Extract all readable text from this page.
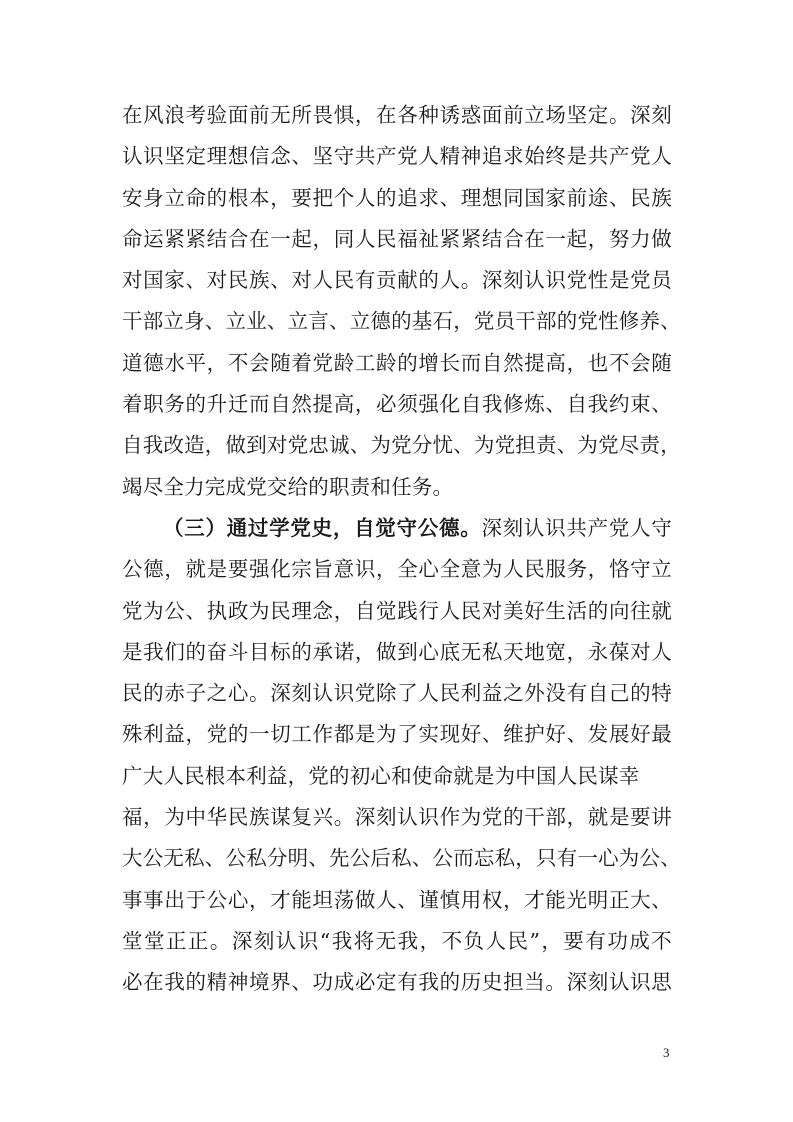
在风浪考验面前无所畏惧，在各种诱惑面前立场坚定。深刻
认识坚定理想信念、坚守共产党人精神追求始终是共产党人
安身立命的根本，要把个人的追求、理想同国家前途、民族
命运紧紧结合在一起，同人民福祉紧紧结合在一起，努力做
对国家、对民族、对人民有贡献的人。深刻认识党性是党员
干部立身、立业、立言、立德的基石，党员干部的党性修养、
道德水平，不会随着党龄工龄的增长而自然提高，也不会随
着职务的升迁而自然提高，必须强化自我修炼、自我约束、
自我改造，做到对党忠诚、为党分忧、为党担责、为党尽责，
竭尽全力完成党交给的职责和任务。
（三）通过学党史，自觉守公德。深刻认识共产党人守
公德，就是要强化宗旨意识，全心全意为人民服务，恪守立
党为公、执政为民理念，自觉践行人民对美好生活的向往就
是我们的奋斗目标的承诺，做到心底无私天地宽，永葆对人
民的赤子之心。深刻认识党除了人民利益之外没有自己的特
殊利益，党的一切工作都是为了实现好、维护好、发展好最
广大人民根本利益，党的初心和使命就是为中国人民谋幸
福，为中华民族谋复兴。深刻认识作为党的干部，就是要讲
大公无私、公私分明、先公后私、公而忘私，只有一心为公、
事事出于公心，才能坦荡做人、谨慎用权，才能光明正大、
堂堂正正。深刻认识“我将无我，不负人民”，要有功成不
必在我的精神境界、功成必定有我的历史担当。深刻认识思
3
